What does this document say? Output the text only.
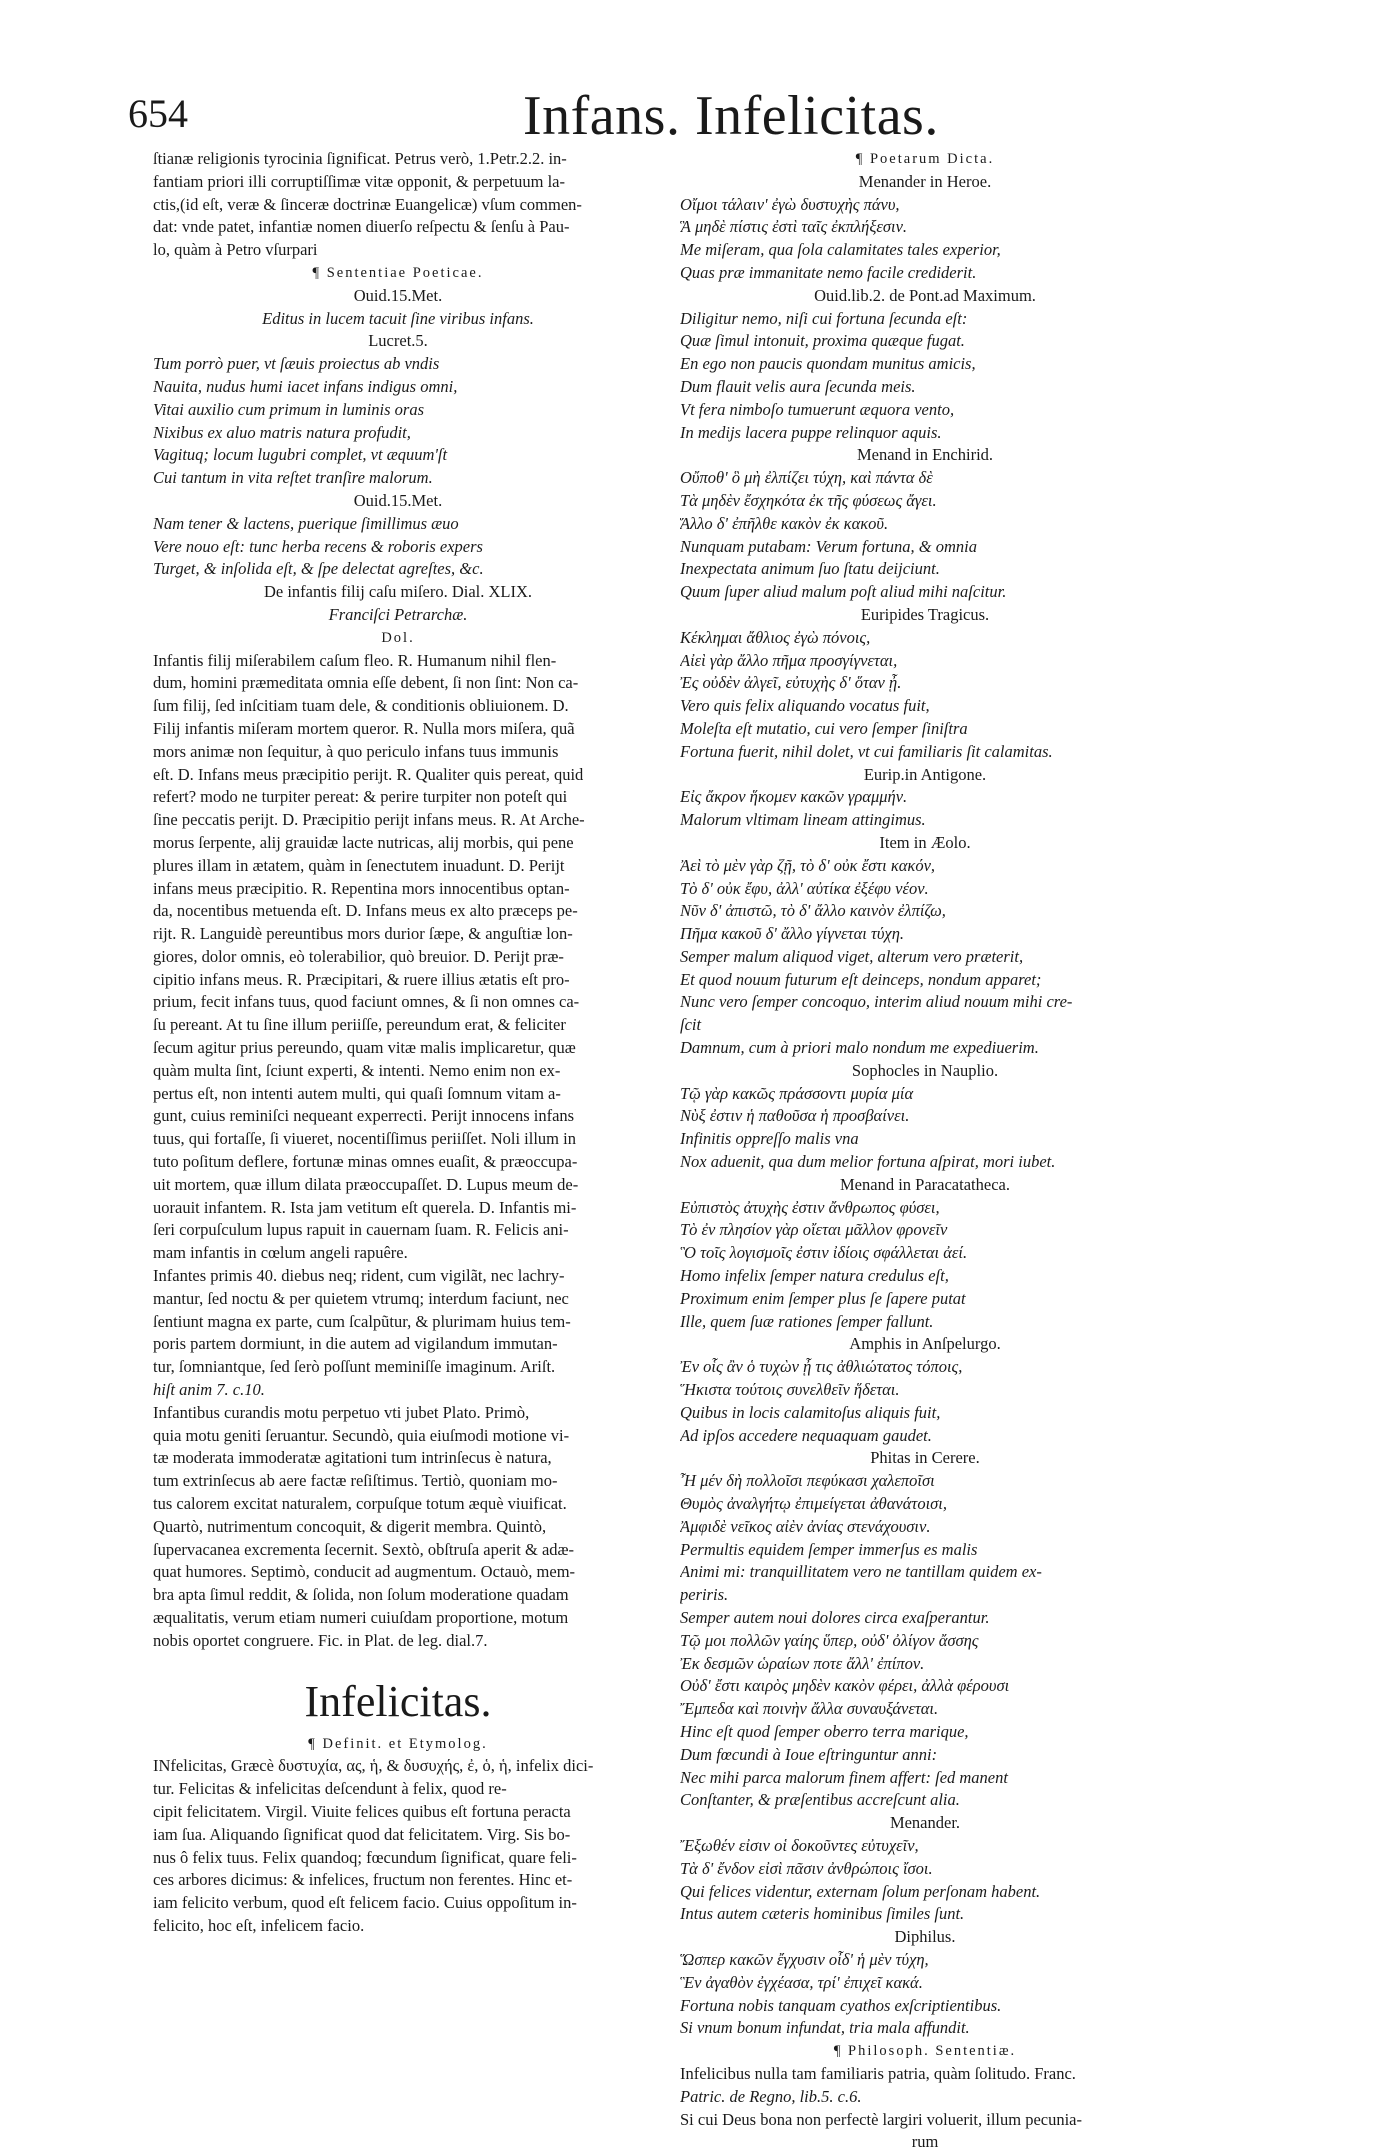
654	Infans. Infelicitas.
ſtianæ religionis tyrocinia ſignificat. Petrus verò, 1.Petr.2.2. in-
fantiam priori illi corruptiſſimæ vitæ opponit, & perpetuum la-
ctis,(id eſt, veræ & ſinceræ doctrinæ Euangelicæ) vſum commen-
dat: vnde patet, infantiæ nomen diuerſo reſpectu & ſenſu à Pau-
lo, quàm à Petro vſurpari
¶ Sententiae Poeticae.
Ouid.15.Met.
Editus in lucem tacuit ſine viribus infans.
Lucret.5.
Tum porrò puer, vt ſæuis proiectus ab vndis
Nauita, nudus humi iacet infans indigus omni,
Vitai auxilio cum primum in luminis oras
Nixibus ex aluo matris natura profudit,
Vagituq; locum lugubri complet, vt æquum'ſt
Cui tantum in vita reſtet tranſire malorum.
Ouid.15.Met.
Nam tener & lactens, puerique ſimillimus æuo
Vere nouo eſt: tunc herba recens & roboris expers
Turget, & inſolida eſt, & ſpe delectat agreſtes, &c.
De infantis filij caſu miſero. Dial. XLIX.
Franciſci Petrarchæ.
Dol.
Infantis filij miſerabilem caſum fleo. R. Humanum nihil flen-
dum, homini præmeditata omnia eſſe debent, ſi non ſint: Non ca-
ſum filij, ſed inſcitiam tuam dele, & conditionis obliuionem. D.
Filij infantis miſeram mortem queror. R. Nulla mors miſera, quã
mors animæ non ſequitur, à quo periculo infans tuus immunis
eſt. D. Infans meus præcipitio perijt. R. Qualiter quis pereat, quid
refert? modo ne turpiter pereat: & perire turpiter non poteſt qui
ſine peccatis perijt. D. Præcipitio perijt infans meus. R. At Arche-
morus ſerpente, alij grauidæ lacte nutricas, alij morbis, qui pene
plures illam in ætatem, quàm in ſenectutem inuadunt. D. Perijt
infans meus præcipitio. R. Repentina mors innocentibus optan-
da, nocentibus metuenda eſt. D. Infans meus ex alto præceps pe-
rijt. R. Languidè pereuntibus mors durior ſæpe, & anguſtiæ lon-
giores, dolor omnis, eò tolerabilior, quò breuior. D. Perijt præ-
cipitio infans meus. R. Præcipitari, & ruere illius ætatis eſt pro-
prium, fecit infans tuus, quod faciunt omnes, & ſi non omnes ca-
ſu pereant. At tu ſine illum periiſſe, pereundum erat, & feliciter
ſecum agitur prius pereundo, quam vitæ malis implicaretur, quæ
quàm multa ſint, ſciunt experti, & intenti. Nemo enim non ex-
pertus eſt, non intenti autem multi, qui quaſi ſomnum vitam a-
gunt, cuius reminiſci nequeant experrecti. Perijt innocens infans
tuus, qui fortaſſe, ſi viueret, nocentiſſimus periiſſet. Noli illum in
tuto poſitum deflere, fortunæ minas omnes euaſit, & præoccupa-
uit mortem, quæ illum dilata præoccupaſſet. D. Lupus meum de-
uorauit infantem. R. Ista jam vetitum eſt querela. D. Infantis mi-
ſeri corpuſculum lupus rapuit in cauernam ſuam. R. Felicis ani-
mam infantis in cœlum angeli rapuêre.
Infantes primis 40. diebus neq; rident, cum vigilãt, nec lachry-
mantur, ſed noctu & per quietem vtrumq; interdum faciunt, nec
ſentiunt magna ex parte, cum ſcalpũtur, & plurimam huius tem-
poris partem dormiunt, in die autem ad vigilandum immutan-
tur, ſomniantque, ſed ſerò poſſunt meminiſſe imaginum. Ariſt.
hiſt anim 7. c.10.
Infantibus curandis motu perpetuo vti jubet Plato. Primò,
quia motu geniti ſeruantur. Secundò, quia eiuſmodi motione vi-
tæ moderata immoderatæ agitationi tum intrinſecus è natura,
tum extrinſecus ab aere factæ reſiſtimus. Tertiò, quoniam mo-
tus calorem excitat naturalem, corpuſque totum æquè viuificat.
Quartò, nutrimentum concoquit, & digerit membra. Quintò,
ſupervacanea excrementa ſecernit. Sextò, obſtruſa aperit & adæ-
quat humores. Septimò, conducit ad augmentum. Octauò, mem-
bra apta ſimul reddit, & ſolida, non ſolum moderatione quadam
æqualitatis, verum etiam numeri cuiuſdam proportione, motum
nobis oportet congruere. Fic. in Plat. de leg. dial.7.
Infelicitas.
¶ Definit. et Etymolog.
INfelicitas, Græcè δυστυχία, ας, ἡ, & δυσυχής, ἐ, ὁ, ἡ, infelix dici-
tur. Felicitas & infelicitas deſcendunt à felix, quod re-
cipit felicitatem. Virgil. Viuite felices quibus eſt fortuna peracta
iam ſua. Aliquando ſignificat quod dat felicitatem. Virg. Sis bo-
nus ô felix tuus. Felix quandoq; fœcundum ſignificat, quare feli-
ces arbores dicimus: & infelices, fructum non ferentes. Hinc et-
iam felicito verbum, quod eſt felicem facio. Cuius oppoſitum in-
felicito, hoc eſt, infelicem facio.
¶ Poetarum Dicta.
Menander in Heroe.
Οἴμοι τάλαιν' ἐγὼ δυστυχὴς πάνυ,
Ἃ μηδὲ πίστις ἐστὶ ταῖς ἐκπλήξεσιν.
Me miſeram, qua ſola calamitates tales experior,
Quas præ immanitate nemo facile crediderit.
Ouid.lib.2. de Pont.ad Maximum.
Diligitur nemo, niſi cui fortuna ſecunda eſt:
Quæ ſimul intonuit, proxima quæque fugat.
En ego non paucis quondam munitus amicis,
Dum flauit velis aura ſecunda meis.
Vt fera nimboſo tumuerunt æquora vento,
In medijs lacera puppe relinquor aquis.
Menand in Enchirid.
Οὔποθ' ὃ μὴ ἐλπίζει τύχη, καὶ πάντα δὲ
Τὰ μηδὲν ἔσχηκότα ἐκ τῆς φύσεως ἄγει.
Ἄλλο δ' ἐπῆλθε κακὸν ἐκ κακοῦ.
Nunquam putabam: Verum fortuna, & omnia
Inexpectata animum ſuo ſtatu deijciunt.
Quum ſuper aliud malum poſt aliud mihi naſcitur.
Euripides Tragicus.
Κέκλημαι ἄθλιος ἐγὼ πόνοις,
Αἰεὶ γὰρ ἄλλο πῆμα προσγίγνεται,
Ἐς οὐδὲν ἀλγεῖ, εὐτυχὴς δ' ὅταν ᾖ.
Vero quis felix aliquando vocatus fuit,
Moleſta eſt mutatio, cui vero ſemper ſiniſtra
Fortuna fuerit, nihil dolet, vt cui familiaris ſit calamitas.
Eurip.in Antigone.
Εἰς ἄκρον ἥκομεν κακῶν γραμμήν.
Malorum vltimam lineam attingimus.
Item in Æolo.
Ἀεὶ τὸ μὲν γὰρ ζῇ, τὸ δ' οὐκ ἔστι κακόν,
Τὸ δ' οὐκ ἔφυ, ἀλλ' αὐτίκα ἐξέφυ νέον.
Νῦν δ' ἀπιστῶ, τὸ δ' ἄλλο καινὸν ἐλπίζω,
Πῆμα κακοῦ δ' ἄλλο γίγνεται τύχη.
Semper malum aliquod viget, alterum vero præterit,
Et quod nouum futurum eſt deinceps, nondum apparet;
Nunc vero ſemper concoquo, interim aliud nouum mihi cre-
ſcit
Damnum, cum à priori malo nondum me expediuerim.
Sophocles in Nauplio.
Τῷ γὰρ κακῶς πράσσοντι μυρία μία
Νὺξ ἐστιν ἡ παθοῦσα ἡ προσβαίνει.
Infinitis oppreſſo malis vna
Nox aduenit, qua dum melior fortuna aſpirat, mori iubet.
Menand in Paracatatheca.
Εὐπιστὸς ἀτυχὴς ἐστιν ἄνθρωπος φύσει,
Τὸ ἐν πλησίον γὰρ οἴεται μᾶλλον φρονεῖν
Ὃ τοῖς λογισμοῖς ἐστιν ἰδίοις σφάλλεται ἀεί.
Homo infelix ſemper natura credulus eſt,
Proximum enim ſemper plus ſe ſapere putat
Ille, quem ſuæ rationes ſemper fallunt.
Amphis in Anſpelurgo.
Ἐν οἷς ἂν ὁ τυχὼν ᾖ τις ἀθλιώτατος τόποις,
Ἥκιστα τούτοις συνελθεῖν ἥδεται.
Quibus in locis calamitoſus aliquis fuit,
Ad ipſos accedere nequaquam gaudet.
Phitas in Cerere.
Ἦ μέν δὴ πολλοῖσι πεφύκασι χαλεποῖσι
Θυμὸς ἀναλγήτῳ ἐπιμείγεται ἀθανάτοισι,
Ἀμφιδὲ νεῖκος αἰὲν ἀνίας στενάχουσιν.
Permultis equidem ſemper immerſus es malis
Animi mi: tranquillitatem vero ne tantillam quidem ex-
periris.
Semper autem noui dolores circa exaſperantur.
Τῷ μοι πολλῶν γαίης ὕπερ, οὐδ' ὀλίγον ἄσσης
Ἐκ δεσμῶν ὡραίων ποτε ἄλλ' ἐπίπον.
Οὐδ' ἔστι καιρὸς μηδὲν κακὸν φέρει, ἀλλὰ φέρουσι
Ἔμπεδα καὶ ποινὴν ἄλλα συναυξάνεται.
Hinc eſt quod ſemper oberro terra marique,
Dum fœcundi à Ioue eſtringuntur anni:
Nec mihi parca malorum finem affert: ſed manent
Conſtanter, & præſentibus accreſcunt alia.
Menander.
Ἔξωθέν εἰσιν οἱ δοκοῦντες εὐτυχεῖν,
Τὰ δ' ἔνδον εἰσὶ πᾶσιν ἀνθρώποις ἴσοι.
Qui felices videntur, externam ſolum perſonam habent.
Intus autem cæteris hominibus ſimiles ſunt.
Diphilus.
Ὥσπερ κακῶν ἔγχυσιν οἶδ' ἡ μὲν τύχη,
Ἓν ἀγαθὸν ἐγχέασα, τρί' ἐπιχεῖ κακά.
Fortuna nobis tanquam cyathos exſcriptientibus.
Si vnum bonum infundat, tria mala affundit.
¶ Philosoph. Sententiæ.
Infelicibus nulla tam familiaris patria, quàm ſolitudo. Franc.
Patric. de Regno, lib.5. c.6.
Si cui Deus bona non perfectè largiri voluerit, illum pecunia-
rum
